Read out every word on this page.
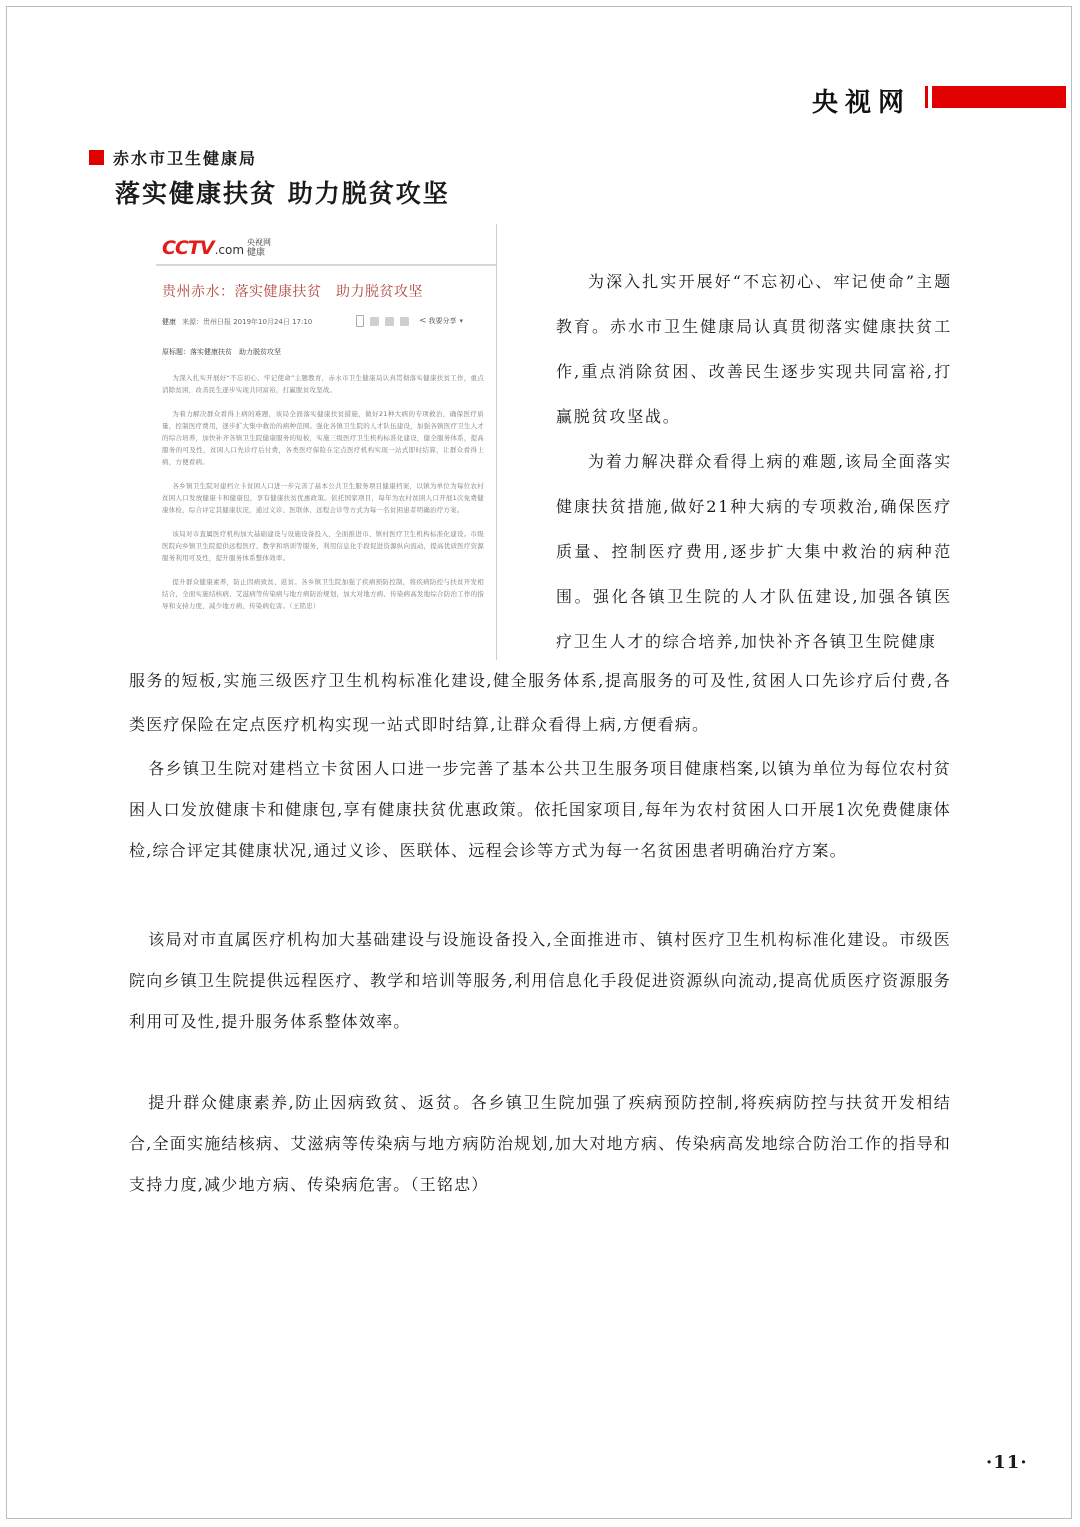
央视网
赤水市卫生健康局
落实健康扶贫 助力脱贫攻坚
CCTV .com
央视网
健康
贵州赤水：落实健康扶贫　助力脱贫攻坚
健康 来源：贵州日报 2019年10月24日 17:10	< 我要分享 ▾
原标题：落实健康扶贫　助力脱贫攻坚

为深入扎实开展好“不忘初心、牢记使命”主题教育，赤水市卫生健康局认真贯彻落实健康扶贫工作，重点消除贫困，改善民生逐步实现共同富裕，打赢脱贫攻坚战。

为着力解决群众看得上病的难题，该局全面落实健康扶贫措施，做好21种大病的专项救治，确保医疗质量，控制医疗费用，逐步扩大集中救治的病种范围。强化各镇卫生院的人才队伍建设，加强各镇医疗卫生人才的综合培养，加快补齐各镇卫生院健康服务的短板，实施三级医疗卫生机构标准化建设，健全服务体系，提高服务的可及性，贫困人口先诊疗后付费，各类医疗保险在定点医疗机构实现一站式即时结算，让群众看得上病，方便看病。

各乡镇卫生院对建档立卡贫困人口进一步完善了基本公共卫生服务项目健康档案，以镇为单位为每位农村贫困人口发放健康卡和健康包，享有健康扶贫优惠政策。依托国家项目，每年为农村贫困人口开展1次免费健康体检，综合评定其健康状况，通过义诊、医联体、远程会诊等方式为每一名贫困患者明确治疗方案。

该局对市直属医疗机构加大基础建设与设施设备投入，全面推进市、镇村医疗卫生机构标准化建设。市级医院向乡镇卫生院提供远程医疗、教学和培训等服务，利用信息化手段促进资源纵向流动，提高优质医疗资源服务利用可及性，提升服务体系整体效率。

提升群众健康素养，防止因病致贫、返贫。各乡镇卫生院加强了疾病预防控制，将疾病防控与扶贫开发相结合，全面实施结核病、艾滋病等传染病与地方病防治规划，加大对地方病、传染病高发地综合防治工作的指导和支持力度，减少地方病、传染病危害。（王铭忠）

为深入扎实开展好“不忘初心、牢记使命”主题教育。赤水市卫生健康局认真贯彻落实健康扶贫工作,重点消除贫困、改善民生逐步实现共同富裕,打赢脱贫攻坚战。

为着力解决群众看得上病的难题,该局全面落实健康扶贫措施,做好21种大病的专项救治,确保医疗质量、控制医疗费用,逐步扩大集中救治的病种范围。强化各镇卫生院的人才队伍建设,加强各镇医疗卫生人才的综合培养,加快补齐各镇卫生院健康

服务的短板,实施三级医疗卫生机构标准化建设,健全服务体系,提高服务的可及性,贫困人口先诊疗后付费,各类医疗保险在定点医疗机构实现一站式即时结算,让群众看得上病,方便看病。

各乡镇卫生院对建档立卡贫困人口进一步完善了基本公共卫生服务项目健康档案,以镇为单位为每位农村贫困人口发放健康卡和健康包,享有健康扶贫优惠政策。依托国家项目,每年为农村贫困人口开展1次免费健康体检,综合评定其健康状况,通过义诊、医联体、远程会诊等方式为每一名贫困患者明确治疗方案。

该局对市直属医疗机构加大基础建设与设施设备投入,全面推进市、镇村医疗卫生机构标准化建设。市级医院向乡镇卫生院提供远程医疗、教学和培训等服务,利用信息化手段促进资源纵向流动,提高优质医疗资源服务利用可及性,提升服务体系整体效率。

提升群众健康素养,防止因病致贫、返贫。各乡镇卫生院加强了疾病预防控制,将疾病防控与扶贫开发相结合,全面实施结核病、艾滋病等传染病与地方病防治规划,加大对地方病、传染病高发地综合防治工作的指导和支持力度,减少地方病、传染病危害。（王铭忠）

·11·
